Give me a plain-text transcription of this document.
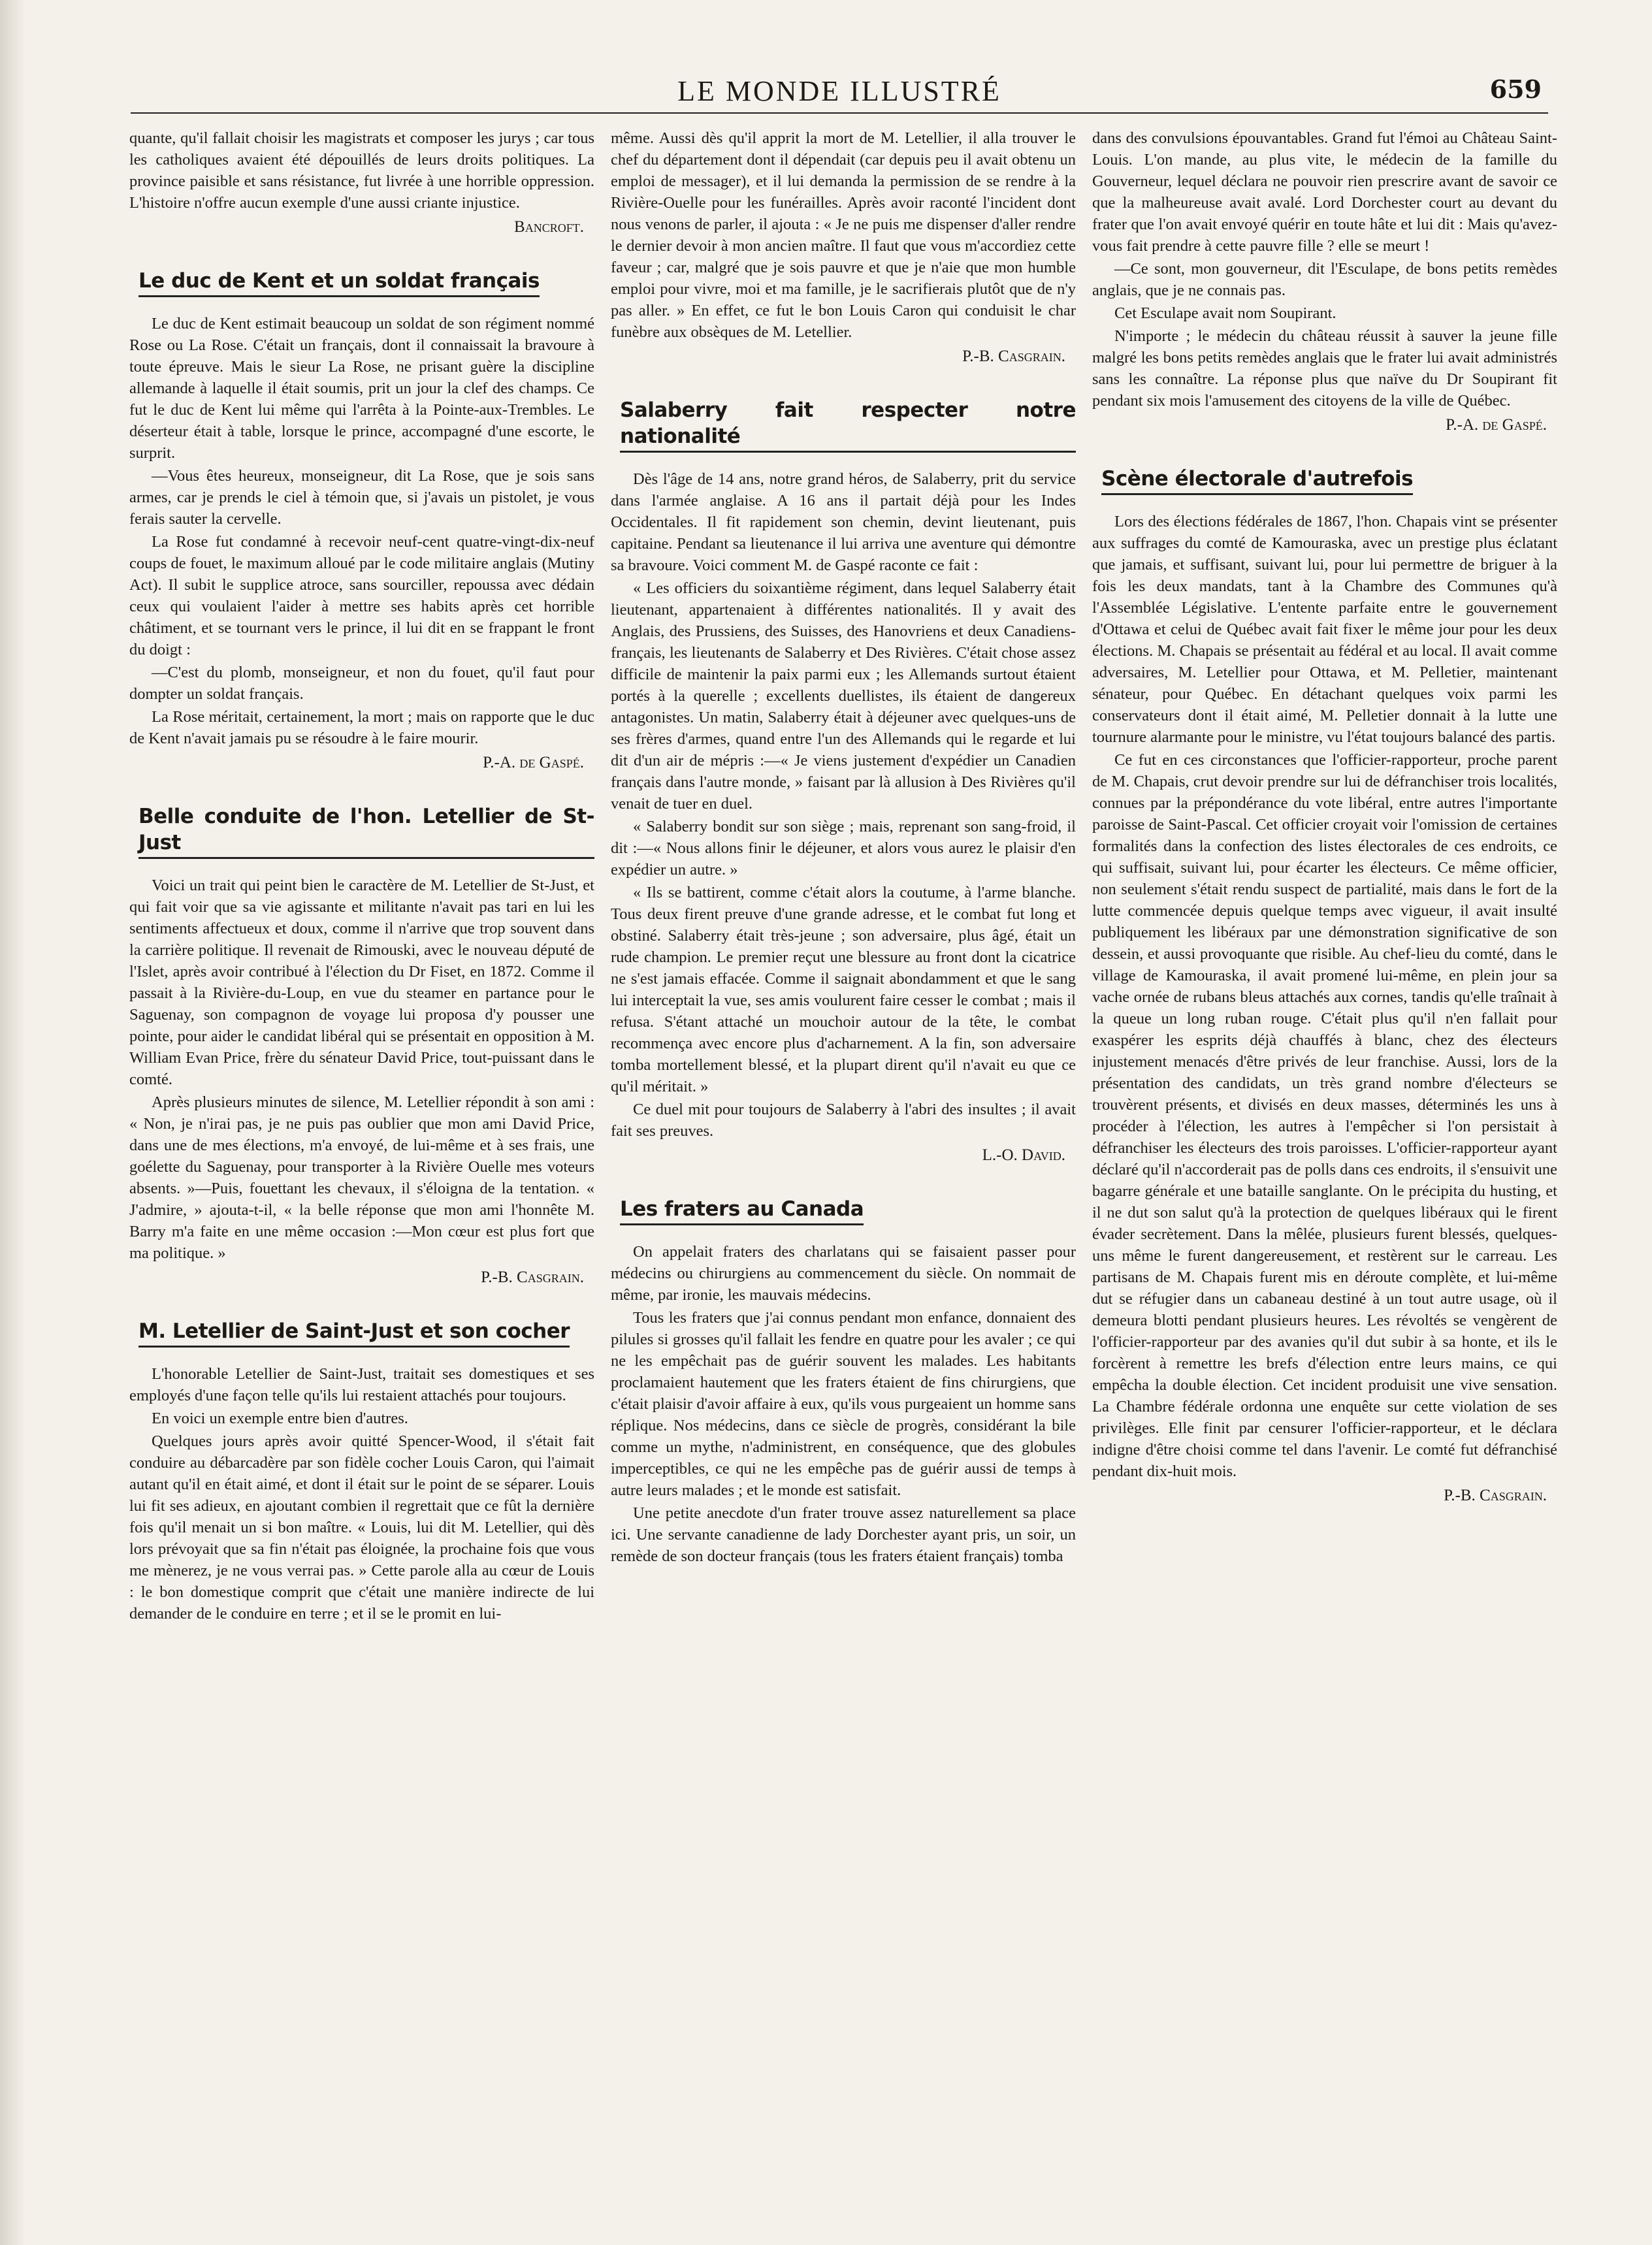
LE MONDE ILLUSTRÉ	659

quante, qu'il fallait choisir les magistrats et composer les jurys ; car tous les catholiques avaient été dépouillés de leurs droits politiques. La province paisible et sans résistance, fut livrée à une horrible oppression. L'histoire n'offre aucun exemple d'une aussi criante injustice.

Bancroft.
Le duc de Kent et un soldat français

Le duc de Kent estimait beaucoup un soldat de son régiment nommé Rose ou La Rose. C'était un français, dont il connaissait la bravoure à toute épreuve. Mais le sieur La Rose, ne prisant guère la discipline allemande à laquelle il était soumis, prit un jour la clef des champs. Ce fut le duc de Kent lui même qui l'arrêta à la Pointe-aux-Trembles. Le déserteur était à table, lorsque le prince, accompagné d'une escorte, le surprit.

—Vous êtes heureux, monseigneur, dit La Rose, que je sois sans armes, car je prends le ciel à témoin que, si j'avais un pistolet, je vous ferais sauter la cervelle.

La Rose fut condamné à recevoir neuf-cent quatre-vingt-dix-neuf coups de fouet, le maximum alloué par le code militaire anglais (Mutiny Act). Il subit le supplice atroce, sans sourciller, repoussa avec dédain ceux qui voulaient l'aider à mettre ses habits après cet horrible châtiment, et se tournant vers le prince, il lui dit en se frappant le front du doigt :

—C'est du plomb, monseigneur, et non du fouet, qu'il faut pour dompter un soldat français.

La Rose méritait, certainement, la mort ; mais on rapporte que le duc de Kent n'avait jamais pu se résoudre à le faire mourir.

P.-A. de Gaspé.
Belle conduite de l'hon. Letellier de St-Just

Voici un trait qui peint bien le caractère de M. Letellier de St-Just, et qui fait voir que sa vie agissante et militante n'avait pas tari en lui les sentiments affectueux et doux, comme il n'arrive que trop souvent dans la carrière politique. Il revenait de Rimouski, avec le nouveau député de l'Islet, après avoir contribué à l'élection du Dr Fiset, en 1872. Comme il passait à la Rivière-du-Loup, en vue du steamer en partance pour le Saguenay, son compagnon de voyage lui proposa d'y pousser une pointe, pour aider le candidat libéral qui se présentait en opposition à M. William Evan Price, frère du sénateur David Price, tout-puissant dans le comté.

Après plusieurs minutes de silence, M. Letellier répondit à son ami : « Non, je n'irai pas, je ne puis pas oublier que mon ami David Price, dans une de mes élections, m'a envoyé, de lui-même et à ses frais, une goélette du Saguenay, pour transporter à la Rivière Ouelle mes voteurs absents. »—Puis, fouettant les chevaux, il s'éloigna de la tentation. « J'admire, » ajouta-t-il, « la belle réponse que mon ami l'honnête M. Barry m'a faite en une même occasion :—Mon cœur est plus fort que ma politique. »

P.-B. Casgrain.
M. Letellier de Saint-Just et son cocher

L'honorable Letellier de Saint-Just, traitait ses domestiques et ses employés d'une façon telle qu'ils lui restaient attachés pour toujours.

En voici un exemple entre bien d'autres.

Quelques jours après avoir quitté Spencer-Wood, il s'était fait conduire au débarcadère par son fidèle cocher Louis Caron, qui l'aimait autant qu'il en était aimé, et dont il était sur le point de se séparer. Louis lui fit ses adieux, en ajoutant combien il regrettait que ce fût la dernière fois qu'il menait un si bon maître. « Louis, lui dit M. Letellier, qui dès lors prévoyait que sa fin n'était pas éloignée, la prochaine fois que vous me mènerez, je ne vous verrai pas. » Cette parole alla au cœur de Louis : le bon domestique comprit que c'était une manière indirecte de lui demander de le conduire en terre ; et il se le promit en lui-

même. Aussi dès qu'il apprit la mort de M. Letellier, il alla trouver le chef du département dont il dépendait (car depuis peu il avait obtenu un emploi de messager), et il lui demanda la permission de se rendre à la Rivière-Ouelle pour les funérailles. Après avoir raconté l'incident dont nous venons de parler, il ajouta : « Je ne puis me dispenser d'aller rendre le dernier devoir à mon ancien maître. Il faut que vous m'accordiez cette faveur ; car, malgré que je sois pauvre et que je n'aie que mon humble emploi pour vivre, moi et ma famille, je le sacrifierais plutôt que de n'y pas aller. » En effet, ce fut le bon Louis Caron qui conduisit le char funèbre aux obsèques de M. Letellier.

P.-B. Casgrain.
Salaberry fait respecter notre nationalité

Dès l'âge de 14 ans, notre grand héros, de Salaberry, prit du service dans l'armée anglaise. A 16 ans il partait déjà pour les Indes Occidentales. Il fit rapidement son chemin, devint lieutenant, puis capitaine. Pendant sa lieutenance il lui arriva une aventure qui démontre sa bravoure. Voici comment M. de Gaspé raconte ce fait :

« Les officiers du soixantième régiment, dans lequel Salaberry était lieutenant, appartenaient à différentes nationalités. Il y avait des Anglais, des Prussiens, des Suisses, des Hanovriens et deux Canadiens-français, les lieutenants de Salaberry et Des Rivières. C'était chose assez difficile de maintenir la paix parmi eux ; les Allemands surtout étaient portés à la querelle ; excellents duellistes, ils étaient de dangereux antagonistes. Un matin, Salaberry était à déjeuner avec quelques-uns de ses frères d'armes, quand entre l'un des Allemands qui le regarde et lui dit d'un air de mépris :—« Je viens justement d'expédier un Canadien français dans l'autre monde, » faisant par là allusion à Des Rivières qu'il venait de tuer en duel.

« Salaberry bondit sur son siège ; mais, reprenant son sang-froid, il dit :—« Nous allons finir le déjeuner, et alors vous aurez le plaisir d'en expédier un autre. »

« Ils se battirent, comme c'était alors la coutume, à l'arme blanche. Tous deux firent preuve d'une grande adresse, et le combat fut long et obstiné. Salaberry était très-jeune ; son adversaire, plus âgé, était un rude champion. Le premier reçut une blessure au front dont la cicatrice ne s'est jamais effacée. Comme il saignait abondamment et que le sang lui interceptait la vue, ses amis voulurent faire cesser le combat ; mais il refusa. S'étant attaché un mouchoir autour de la tête, le combat recommença avec encore plus d'acharnement. A la fin, son adversaire tomba mortellement blessé, et la plupart dirent qu'il n'avait eu que ce qu'il méritait. »

Ce duel mit pour toujours de Salaberry à l'abri des insultes ; il avait fait ses preuves.

L.-O. David.
Les fraters au Canada

On appelait fraters des charlatans qui se faisaient passer pour médecins ou chirurgiens au commencement du siècle. On nommait de même, par ironie, les mauvais médecins.

Tous les fraters que j'ai connus pendant mon enfance, donnaient des pilules si grosses qu'il fallait les fendre en quatre pour les avaler ; ce qui ne les empêchait pas de guérir souvent les malades. Les habitants proclamaient hautement que les fraters étaient de fins chirurgiens, que c'était plaisir d'avoir affaire à eux, qu'ils vous purgeaient un homme sans réplique. Nos médecins, dans ce siècle de progrès, considérant la bile comme un mythe, n'administrent, en conséquence, que des globules imperceptibles, ce qui ne les empêche pas de guérir aussi de temps à autre leurs malades ; et le monde est satisfait.

Une petite anecdote d'un frater trouve assez naturellement sa place ici. Une servante canadienne de lady Dorchester ayant pris, un soir, un remède de son docteur français (tous les fraters étaient français) tomba

dans des convulsions épouvantables. Grand fut l'émoi au Château Saint-Louis. L'on mande, au plus vite, le médecin de la famille du Gouverneur, lequel déclara ne pouvoir rien prescrire avant de savoir ce que la malheureuse avait avalé. Lord Dorchester court au devant du frater que l'on avait envoyé quérir en toute hâte et lui dit : Mais qu'avez-vous fait prendre à cette pauvre fille ? elle se meurt !

—Ce sont, mon gouverneur, dit l'Esculape, de bons petits remèdes anglais, que je ne connais pas.

Cet Esculape avait nom Soupirant.

N'importe ; le médecin du château réussit à sauver la jeune fille malgré les bons petits remèdes anglais que le frater lui avait administrés sans les connaître. La réponse plus que naïve du Dr Soupirant fit pendant six mois l'amusement des citoyens de la ville de Québec.

P.-A. de Gaspé.
Scène électorale d'autrefois

Lors des élections fédérales de 1867, l'hon. Chapais vint se présenter aux suffrages du comté de Kamouraska, avec un prestige plus éclatant que jamais, et suffisant, suivant lui, pour lui permettre de briguer à la fois les deux mandats, tant à la Chambre des Communes qu'à l'Assemblée Législative. L'entente parfaite entre le gouvernement d'Ottawa et celui de Québec avait fait fixer le même jour pour les deux élections. M. Chapais se présentait au fédéral et au local. Il avait comme adversaires, M. Letellier pour Ottawa, et M. Pelletier, maintenant sénateur, pour Québec. En détachant quelques voix parmi les conservateurs dont il était aimé, M. Pelletier donnait à la lutte une tournure alarmante pour le ministre, vu l'état toujours balancé des partis.

Ce fut en ces circonstances que l'officier-rapporteur, proche parent de M. Chapais, crut devoir prendre sur lui de défranchiser trois localités, connues par la prépondérance du vote libéral, entre autres l'importante paroisse de Saint-Pascal. Cet officier croyait voir l'omission de certaines formalités dans la confection des listes électorales de ces endroits, ce qui suffisait, suivant lui, pour écarter les électeurs. Ce même officier, non seulement s'était rendu suspect de partialité, mais dans le fort de la lutte commencée depuis quelque temps avec vigueur, il avait insulté publiquement les libéraux par une démonstration significative de son dessein, et aussi provoquante que risible. Au chef-lieu du comté, dans le village de Kamouraska, il avait promené lui-même, en plein jour sa vache ornée de rubans bleus attachés aux cornes, tandis qu'elle traînait à la queue un long ruban rouge. C'était plus qu'il n'en fallait pour exaspérer les esprits déjà chauffés à blanc, chez des électeurs injustement menacés d'être privés de leur franchise. Aussi, lors de la présentation des candidats, un très grand nombre d'électeurs se trouvèrent présents, et divisés en deux masses, déterminés les uns à procéder à l'élection, les autres à l'empêcher si l'on persistait à défranchiser les électeurs des trois paroisses. L'officier-rapporteur ayant déclaré qu'il n'accorderait pas de polls dans ces endroits, il s'ensuivit une bagarre générale et une bataille sanglante. On le précipita du husting, et il ne dut son salut qu'à la protection de quelques libéraux qui le firent évader secrètement. Dans la mêlée, plusieurs furent blessés, quelques-uns même le furent dangereusement, et restèrent sur le carreau. Les partisans de M. Chapais furent mis en déroute complète, et lui-même dut se réfugier dans un cabaneau destiné à un tout autre usage, où il demeura blotti pendant plusieurs heures. Les révoltés se vengèrent de l'officier-rapporteur par des avanies qu'il dut subir à sa honte, et ils le forcèrent à remettre les brefs d'élection entre leurs mains, ce qui empêcha la double élection. Cet incident produisit une vive sensation. La Chambre fédérale ordonna une enquête sur cette violation de ses privilèges. Elle finit par censurer l'officier-rapporteur, et le déclara indigne d'être choisi comme tel dans l'avenir. Le comté fut défranchisé pendant dix-huit mois.

P.-B. Casgrain.
